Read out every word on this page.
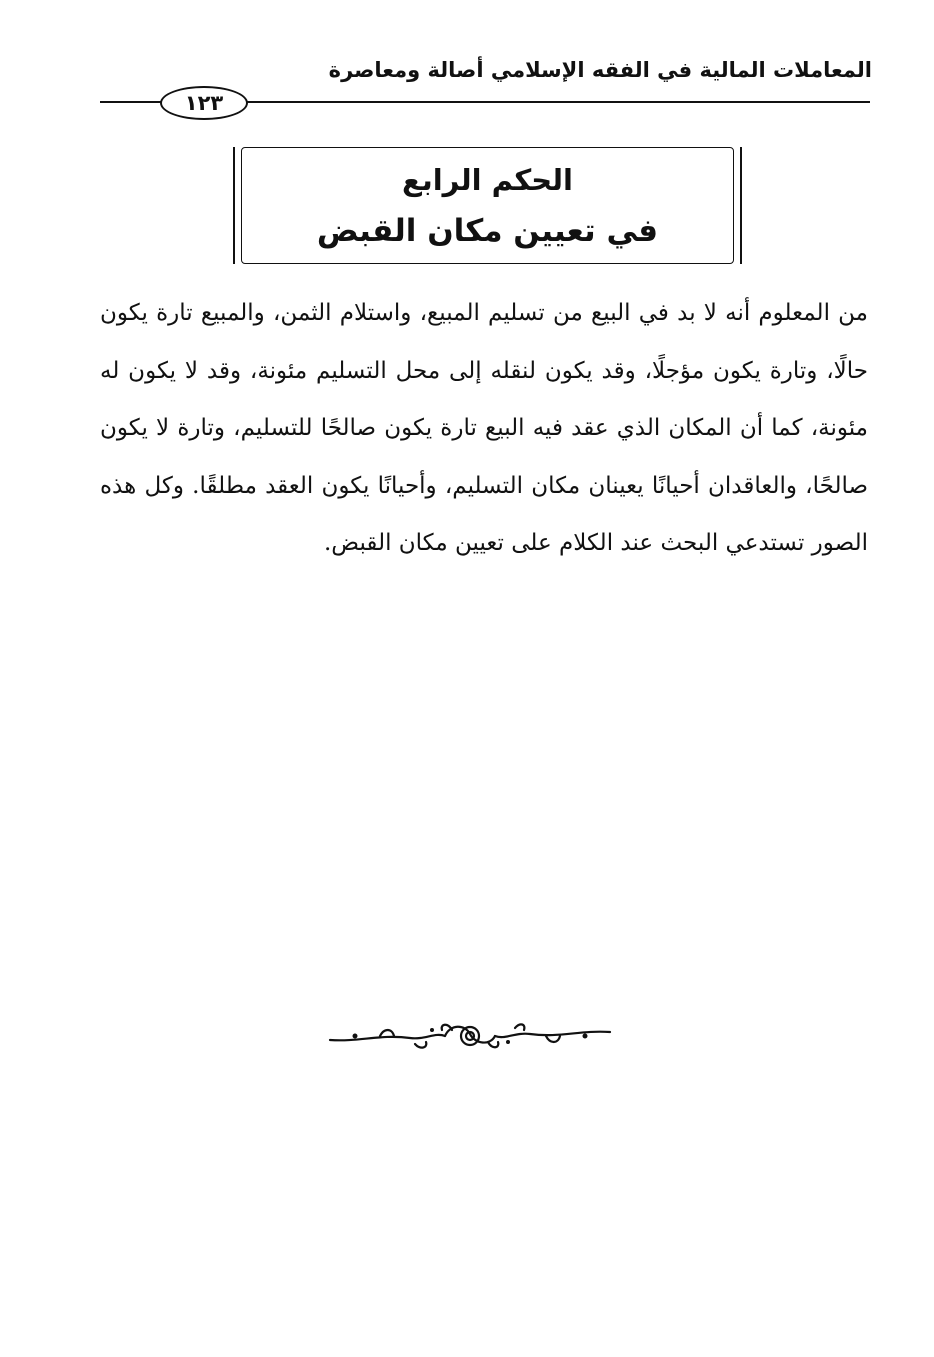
المعاملات المالية في الفقه الإسلامي أصالة ومعاصرة
١٢٣
الحكم الرابع
في تعيين مكان القبض

من المعلوم أنه لا بد في البيع من تسليم المبيع، واستلام الثمن، والمبيع تارة يكون حالًا، وتارة يكون مؤجلًا، وقد يكون لنقله إلى محل التسليم مئونة، وقد لا يكون له مئونة، كما أن المكان الذي عقد فيه البيع تارة يكون صالحًا للتسليم، وتارة لا يكون صالحًا، والعاقدان أحيانًا يعينان مكان التسليم، وأحيانًا يكون العقد مطلقًا. وكل هذه الصور تستدعي البحث عند الكلام على تعيين مكان القبض.
